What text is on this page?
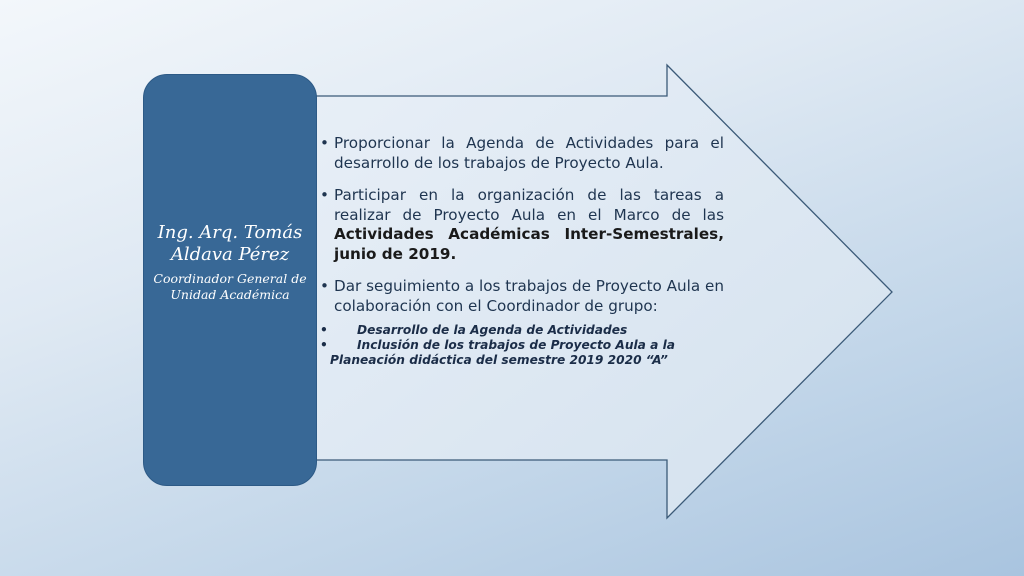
Ing. Arq. Tomás Aldava Pérez
Coordinador General de Unidad Académica
• Proporcionar la Agenda de Actividades para el desarrollo de los trabajos de Proyecto Aula.
• Participar en la organización de las tareas a realizar de Proyecto Aula en el Marco de las Actividades Académicas Inter-Semestrales, junio de 2019.
• Dar seguimiento a los trabajos de Proyecto Aula en colaboración con el Coordinador de grupo:
• Desarrollo de la Agenda de Actividades
• Inclusión de los trabajos de Proyecto Aula a la
Planeación didáctica del semestre 2019 2020 “A”
